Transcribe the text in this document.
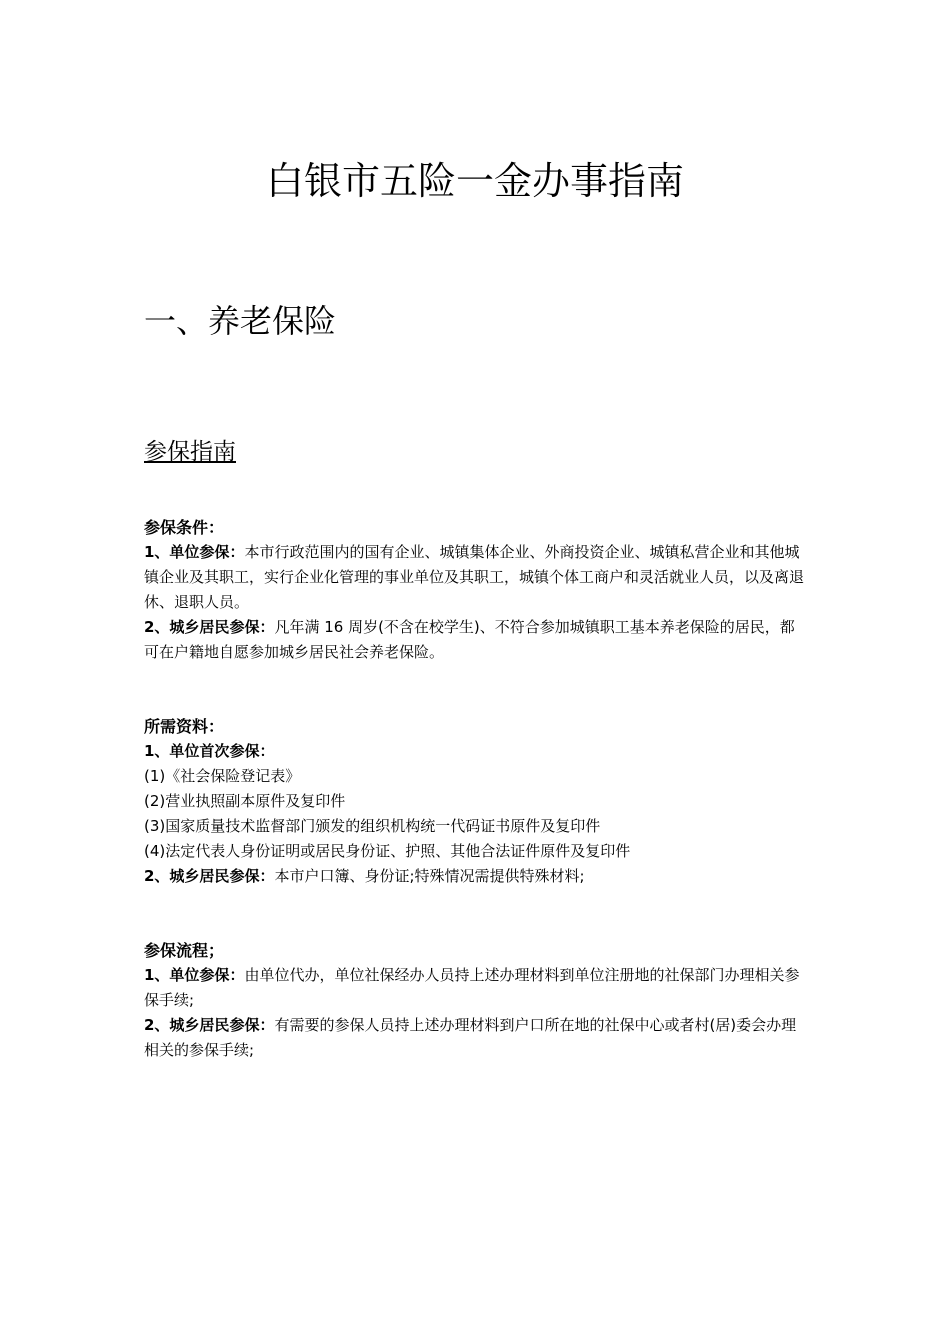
白银市五险一金办事指南
一、养老保险
参保指南

参保条件：

1、单位参保：本市行政范围内的国有企业、城镇集体企业、外商投资企业、城镇私营企业和其他城镇企业及其职工，实行企业化管理的事业单位及其职工，城镇个体工商户和灵活就业人员，以及离退休、退职人员。

2、城乡居民参保：凡年满 16 周岁(不含在校学生)、不符合参加城镇职工基本养老保险的居民，都可在户籍地自愿参加城乡居民社会养老保险。

所需资料：

1、单位首次参保：

(1)《社会保险登记表》

(2)营业执照副本原件及复印件

(3)国家质量技术监督部门颁发的组织机构统一代码证书原件及复印件

(4)法定代表人身份证明或居民身份证、护照、其他合法证件原件及复印件

2、城乡居民参保：本市户口簿、身份证;特殊情况需提供特殊材料;

参保流程；

1、单位参保：由单位代办，单位社保经办人员持上述办理材料到单位注册地的社保部门办理相关参保手续;

2、城乡居民参保：有需要的参保人员持上述办理材料到户口所在地的社保中心或者村(居)委会办理相关的参保手续;
